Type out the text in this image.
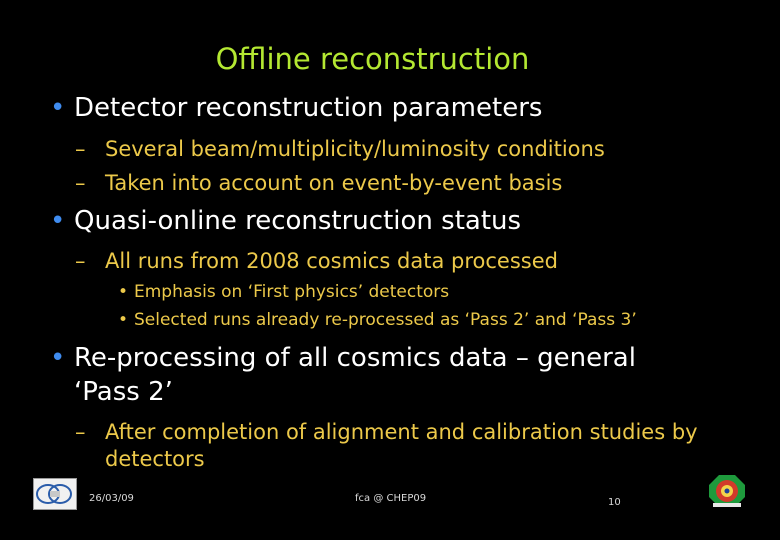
Offline reconstruction
• Detector reconstruction parameters
– Several beam/multiplicity/luminosity conditions
– Taken into account on event-by-event basis
• Quasi-online reconstruction status
– All runs from 2008 cosmics data processed
• Emphasis on ‘First physics’ detectors
• Selected runs already re-processed as ‘Pass 2’ and ‘Pass 3’
• Re-processing of all cosmics data – general
‘Pass 2’
– After completion of alignment and calibration studies by
detectors
26/03/09	fca @ CHEP09	10
